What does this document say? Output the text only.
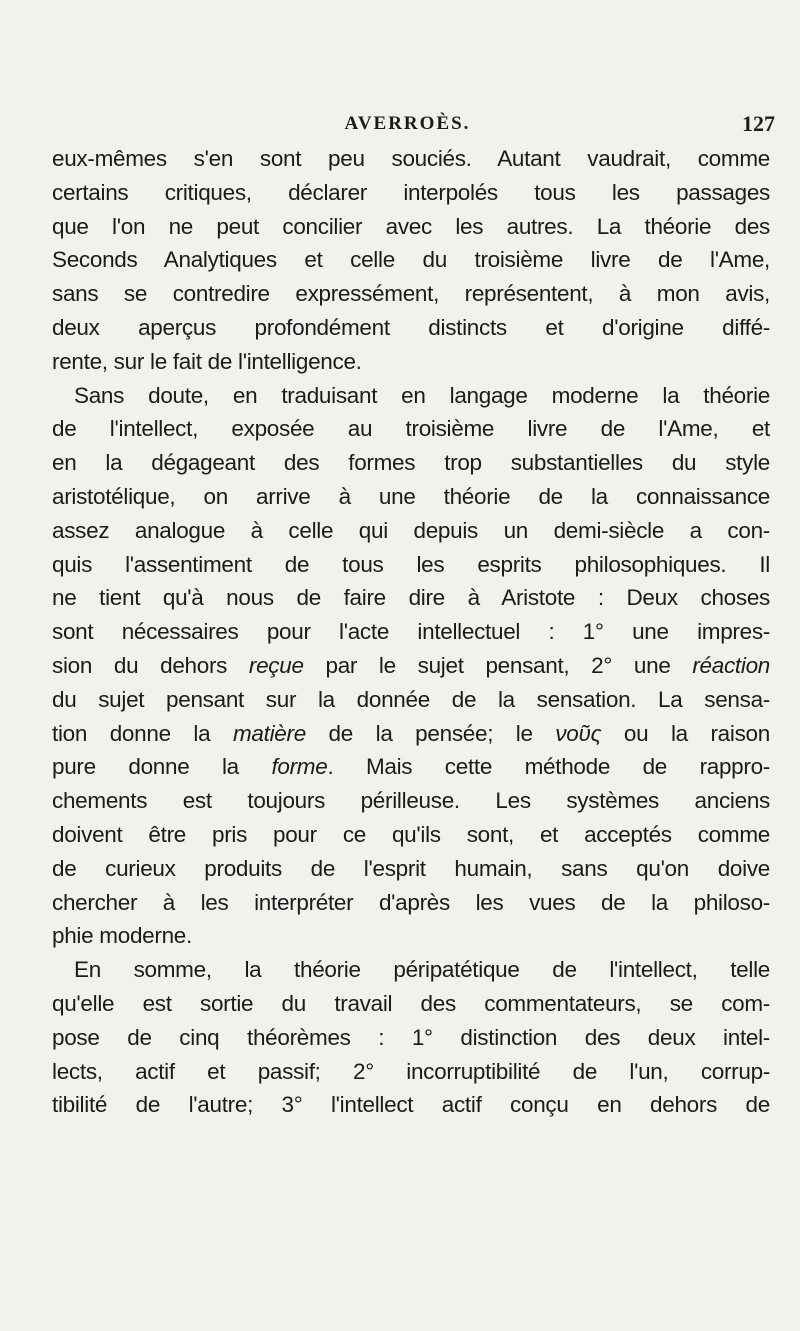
AVERROÈS.	127
eux-mêmes s'en sont peu souciés. Autant vaudrait, comme
certains critiques, déclarer interpolés tous les passages
que l'on ne peut concilier avec les autres. La théorie des
Seconds Analytiques et celle du troisième livre de l'Ame,
sans se contredire expressément, représentent, à mon avis,
deux aperçus profondément distincts et d'origine diffé-
rente, sur le fait de l'intelligence.
Sans doute, en traduisant en langage moderne la théorie
de l'intellect, exposée au troisième livre de l'Ame, et
en la dégageant des formes trop substantielles du style
aristotélique, on arrive à une théorie de la connaissance
assez analogue à celle qui depuis un demi-siècle a con-
quis l'assentiment de tous les esprits philosophiques. Il
ne tient qu'à nous de faire dire à Aristote : Deux choses
sont nécessaires pour l'acte intellectuel : 1° une impres-
sion du dehors reçue par le sujet pensant, 2° une réaction
du sujet pensant sur la donnée de la sensation. La sensa-
tion donne la matière de la pensée; le νοῦς ou la raison
pure donne la forme. Mais cette méthode de rappro-
chements est toujours périlleuse. Les systèmes anciens
doivent être pris pour ce qu'ils sont, et acceptés comme
de curieux produits de l'esprit humain, sans qu'on doive
chercher à les interpréter d'après les vues de la philoso-
phie moderne.
En somme, la théorie péripatétique de l'intellect, telle
qu'elle est sortie du travail des commentateurs, se com-
pose de cinq théorèmes : 1° distinction des deux intel-
lects, actif et passif; 2° incorruptibilité de l'un, corrup-
tibilité de l'autre; 3° l'intellect actif conçu en dehors de
